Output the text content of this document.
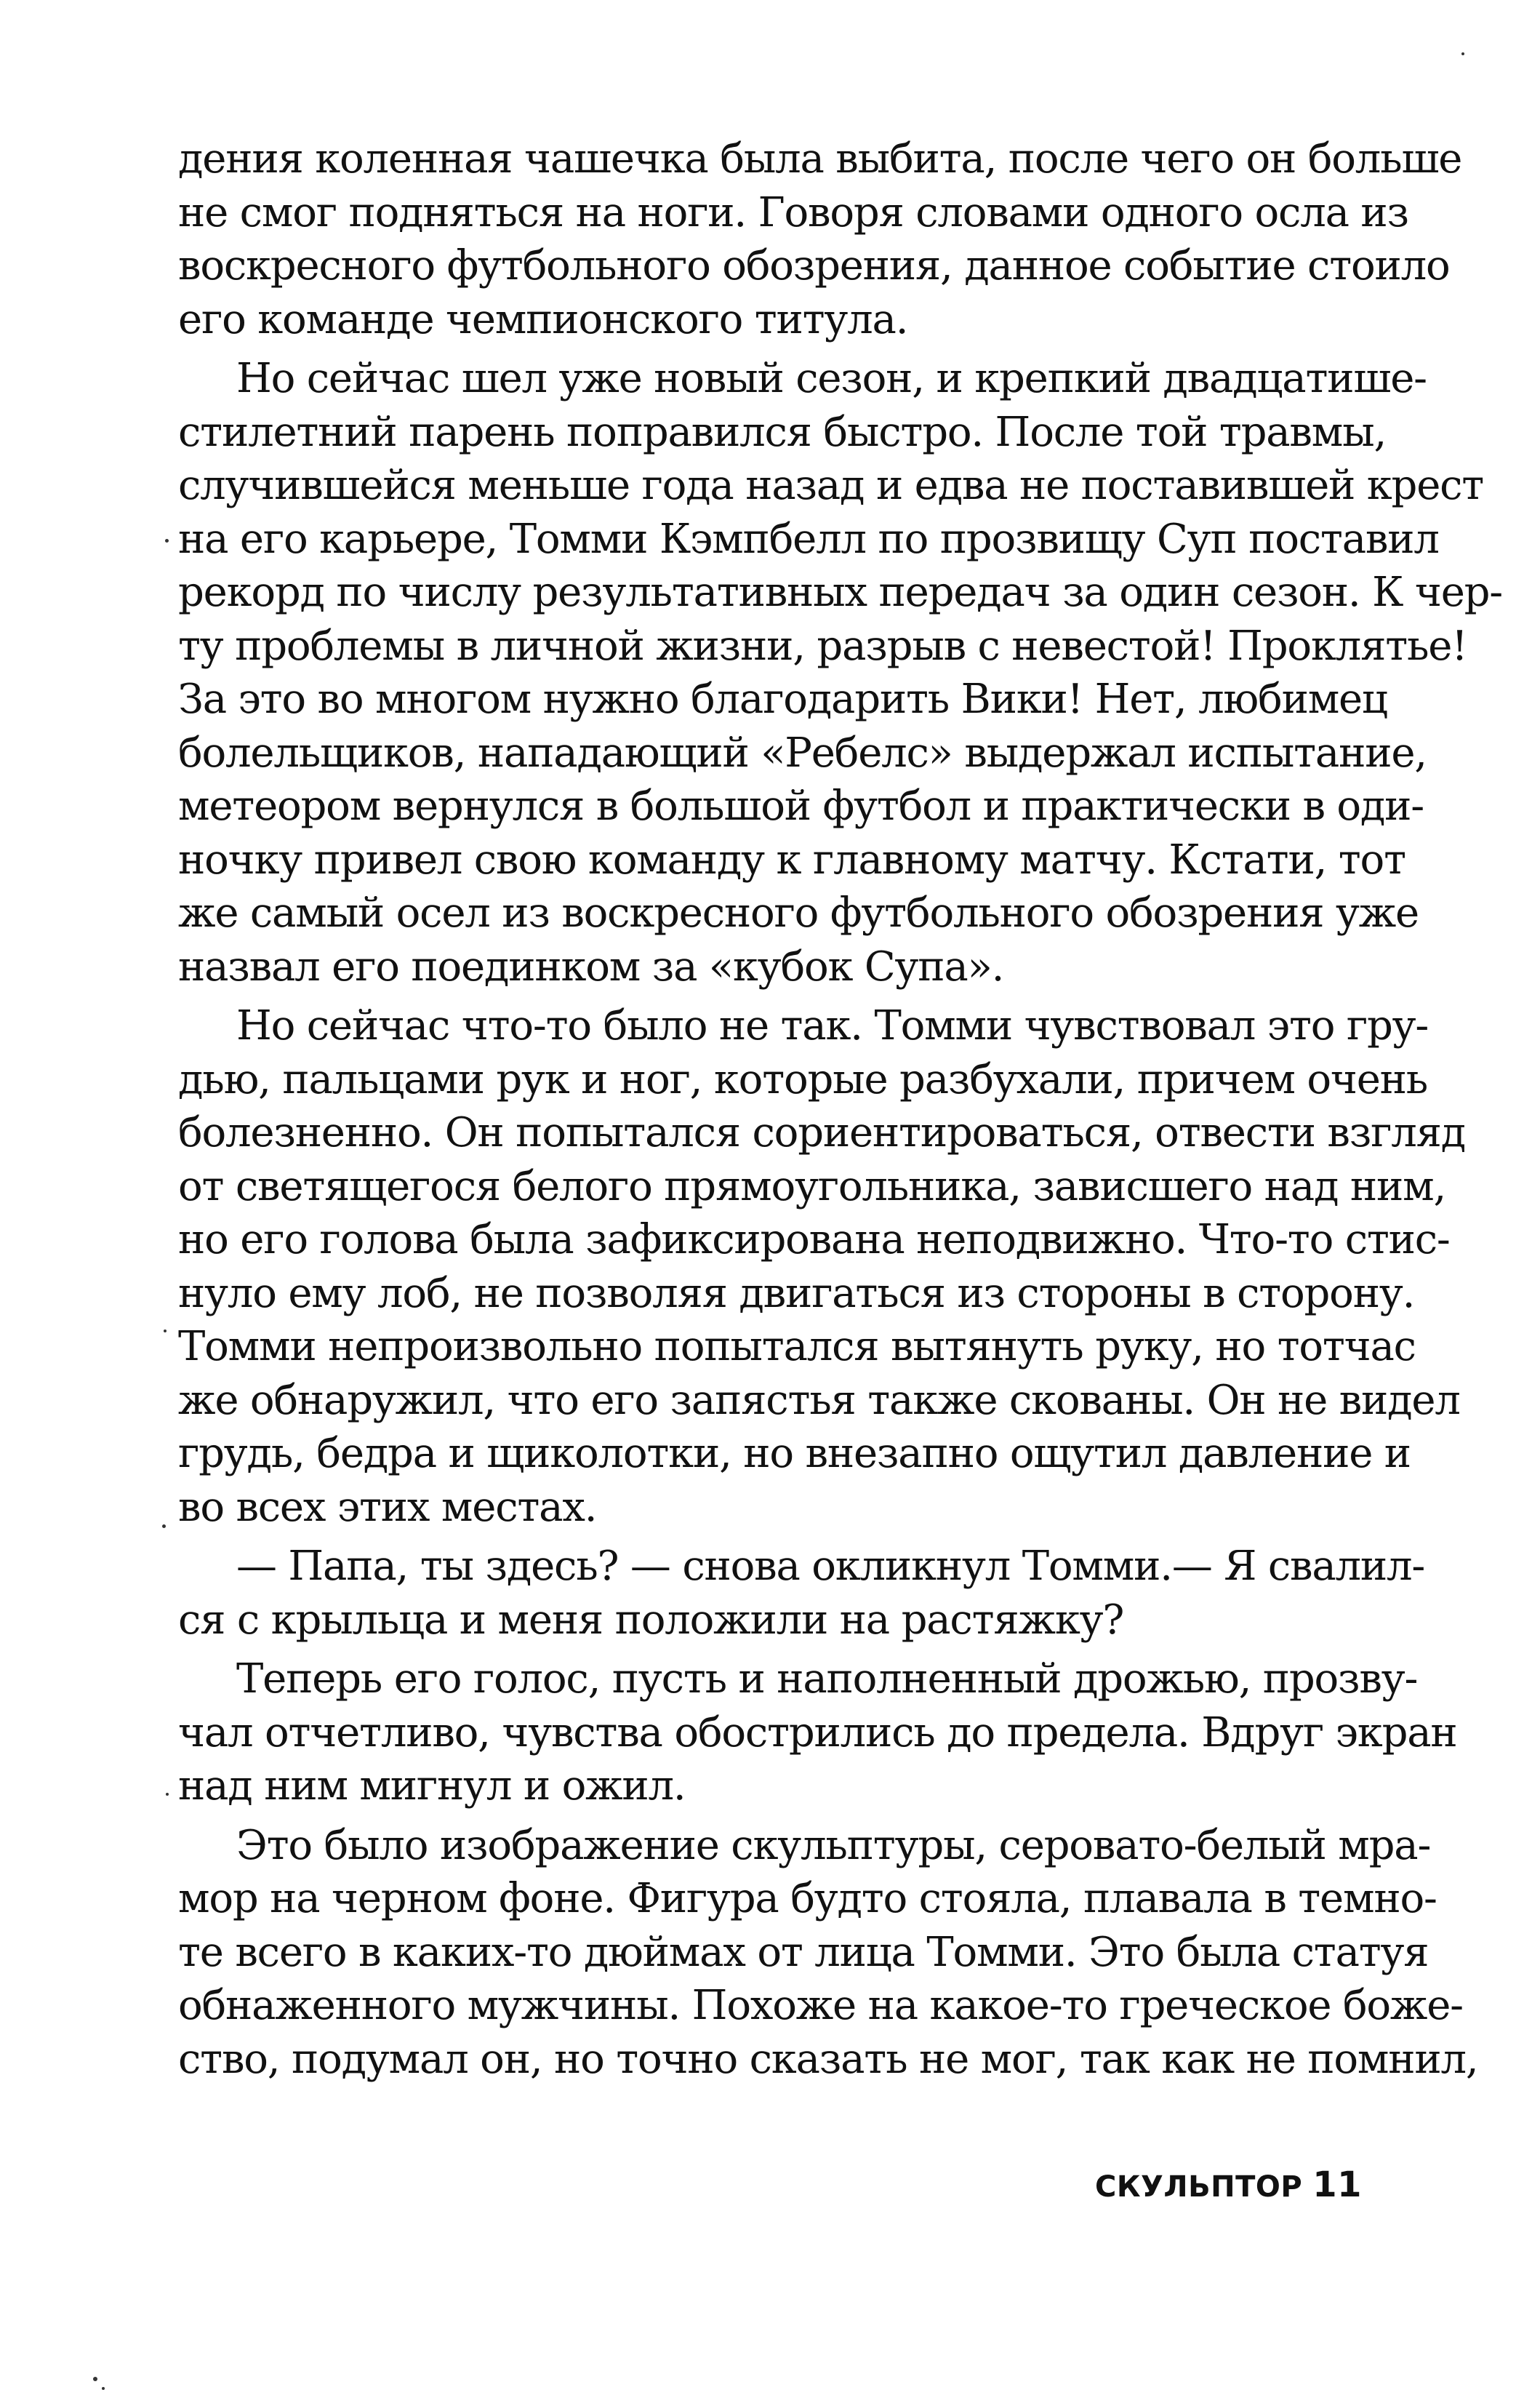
дения коленная чашечка была выбита, после чего он больше
не смог подняться на ноги. Говоря словами одного осла из
воскресного футбольного обозрения, данное событие стоило
его команде чемпионского титула.
Но сейчас шел уже новый сезон, и крепкий двадцатише-
стилетний парень поправился быстро. После той травмы,
случившейся меньше года назад и едва не поставившей крест
на его карьере, Томми Кэмпбелл по прозвищу Суп поставил
рекорд по числу результативных передач за один сезон. К чер-
ту проблемы в личной жизни, разрыв с невестой! Проклятье!
За это во многом нужно благодарить Вики! Нет, любимец
болельщиков, нападающий «Ребелс» выдержал испытание,
метеором вернулся в большой футбол и практически в оди-
ночку привел свою команду к главному матчу. Кстати, тот
же самый осел из воскресного футбольного обозрения уже
назвал его поединком за «кубок Супа».
Но сейчас что-то было не так. Томми чувствовал это гру-
дью, пальцами рук и ног, которые разбухали, причем очень
болезненно. Он попытался сориентироваться, отвести взгляд
от светящегося белого прямоугольника, зависшего над ним,
но его голова была зафиксирована неподвижно. Что-то стис-
нуло ему лоб, не позволяя двигаться из стороны в сторону.
Томми непроизвольно попытался вытянуть руку, но тотчас
же обнаружил, что его запястья также скованы. Он не видел
грудь, бедра и щиколотки, но внезапно ощутил давление и
во всех этих местах.
— Папа, ты здесь? — снова окликнул Томми.— Я свалил-
ся с крыльца и меня положили на растяжку?
Теперь его голос, пусть и наполненный дрожью, прозву-
чал отчетливо, чувства обострились до предела. Вдруг экран
над ним мигнул и ожил.
Это было изображение скульптуры, серовато-белый мра-
мор на черном фоне. Фигура будто стояла, плавала в темно-
те всего в каких-то дюймах от лица Томми. Это была статуя
обнаженного мужчины. Похоже на какое-то греческое боже-
ство, подумал он, но точно сказать не мог, так как не помнил,
СКУЛЬПТОР 11
